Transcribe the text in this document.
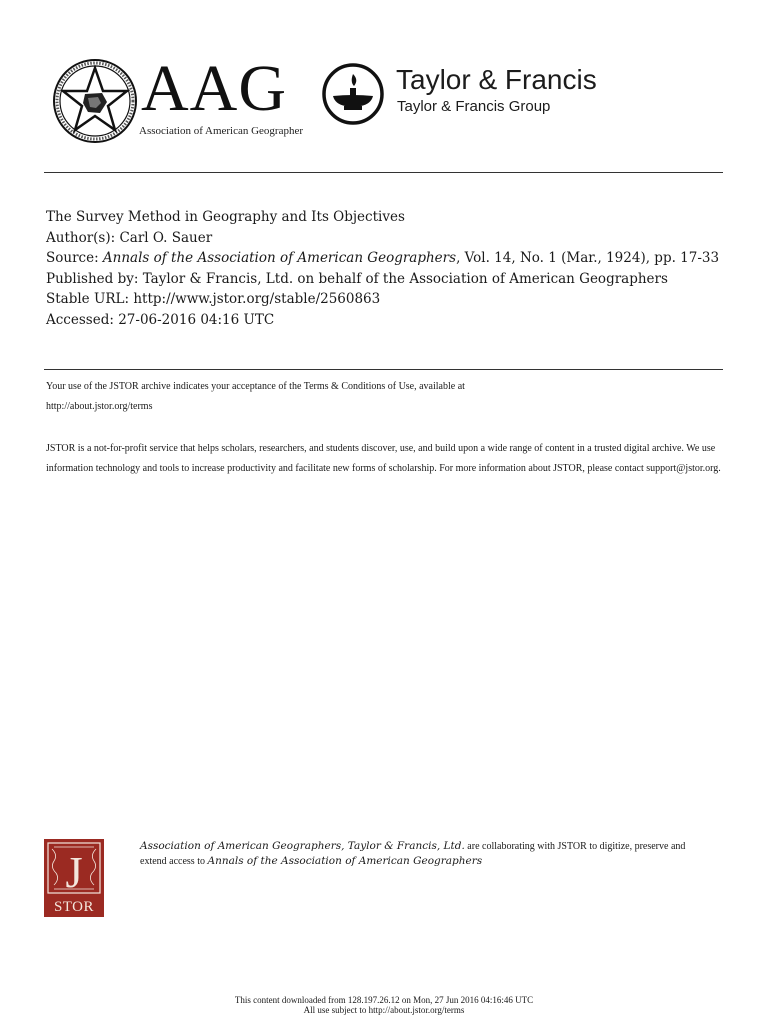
AAG
Association of American Geographer
Taylor & Francis
Taylor & Francis Group
The Survey Method in Geography and Its Objectives
Author(s): Carl O. Sauer
Source: Annals of the Association of American Geographers, Vol. 14, No. 1 (Mar., 1924), pp. 17-33
Published by: Taylor & Francis, Ltd. on behalf of the Association of American Geographers
Stable URL: http://www.jstor.org/stable/2560863
Accessed: 27-06-2016 04:16 UTC
Your use of the JSTOR archive indicates your acceptance of the Terms & Conditions of Use, available at
http://about.jstor.org/terms
JSTOR is a not-for-profit service that helps scholars, researchers, and students discover, use, and build upon a wide range of content in a trusted digital archive. We use information technology and tools to increase productivity and facilitate new forms of scholarship. For more information about JSTOR, please contact support@jstor.org.
J
STOR
Association of American Geographers, Taylor & Francis, Ltd. are collaborating with JSTOR to digitize, preserve and extend access to Annals of the Association of American Geographers
This content downloaded from 128.197.26.12 on Mon, 27 Jun 2016 04:16:46 UTC
All use subject to http://about.jstor.org/terms
